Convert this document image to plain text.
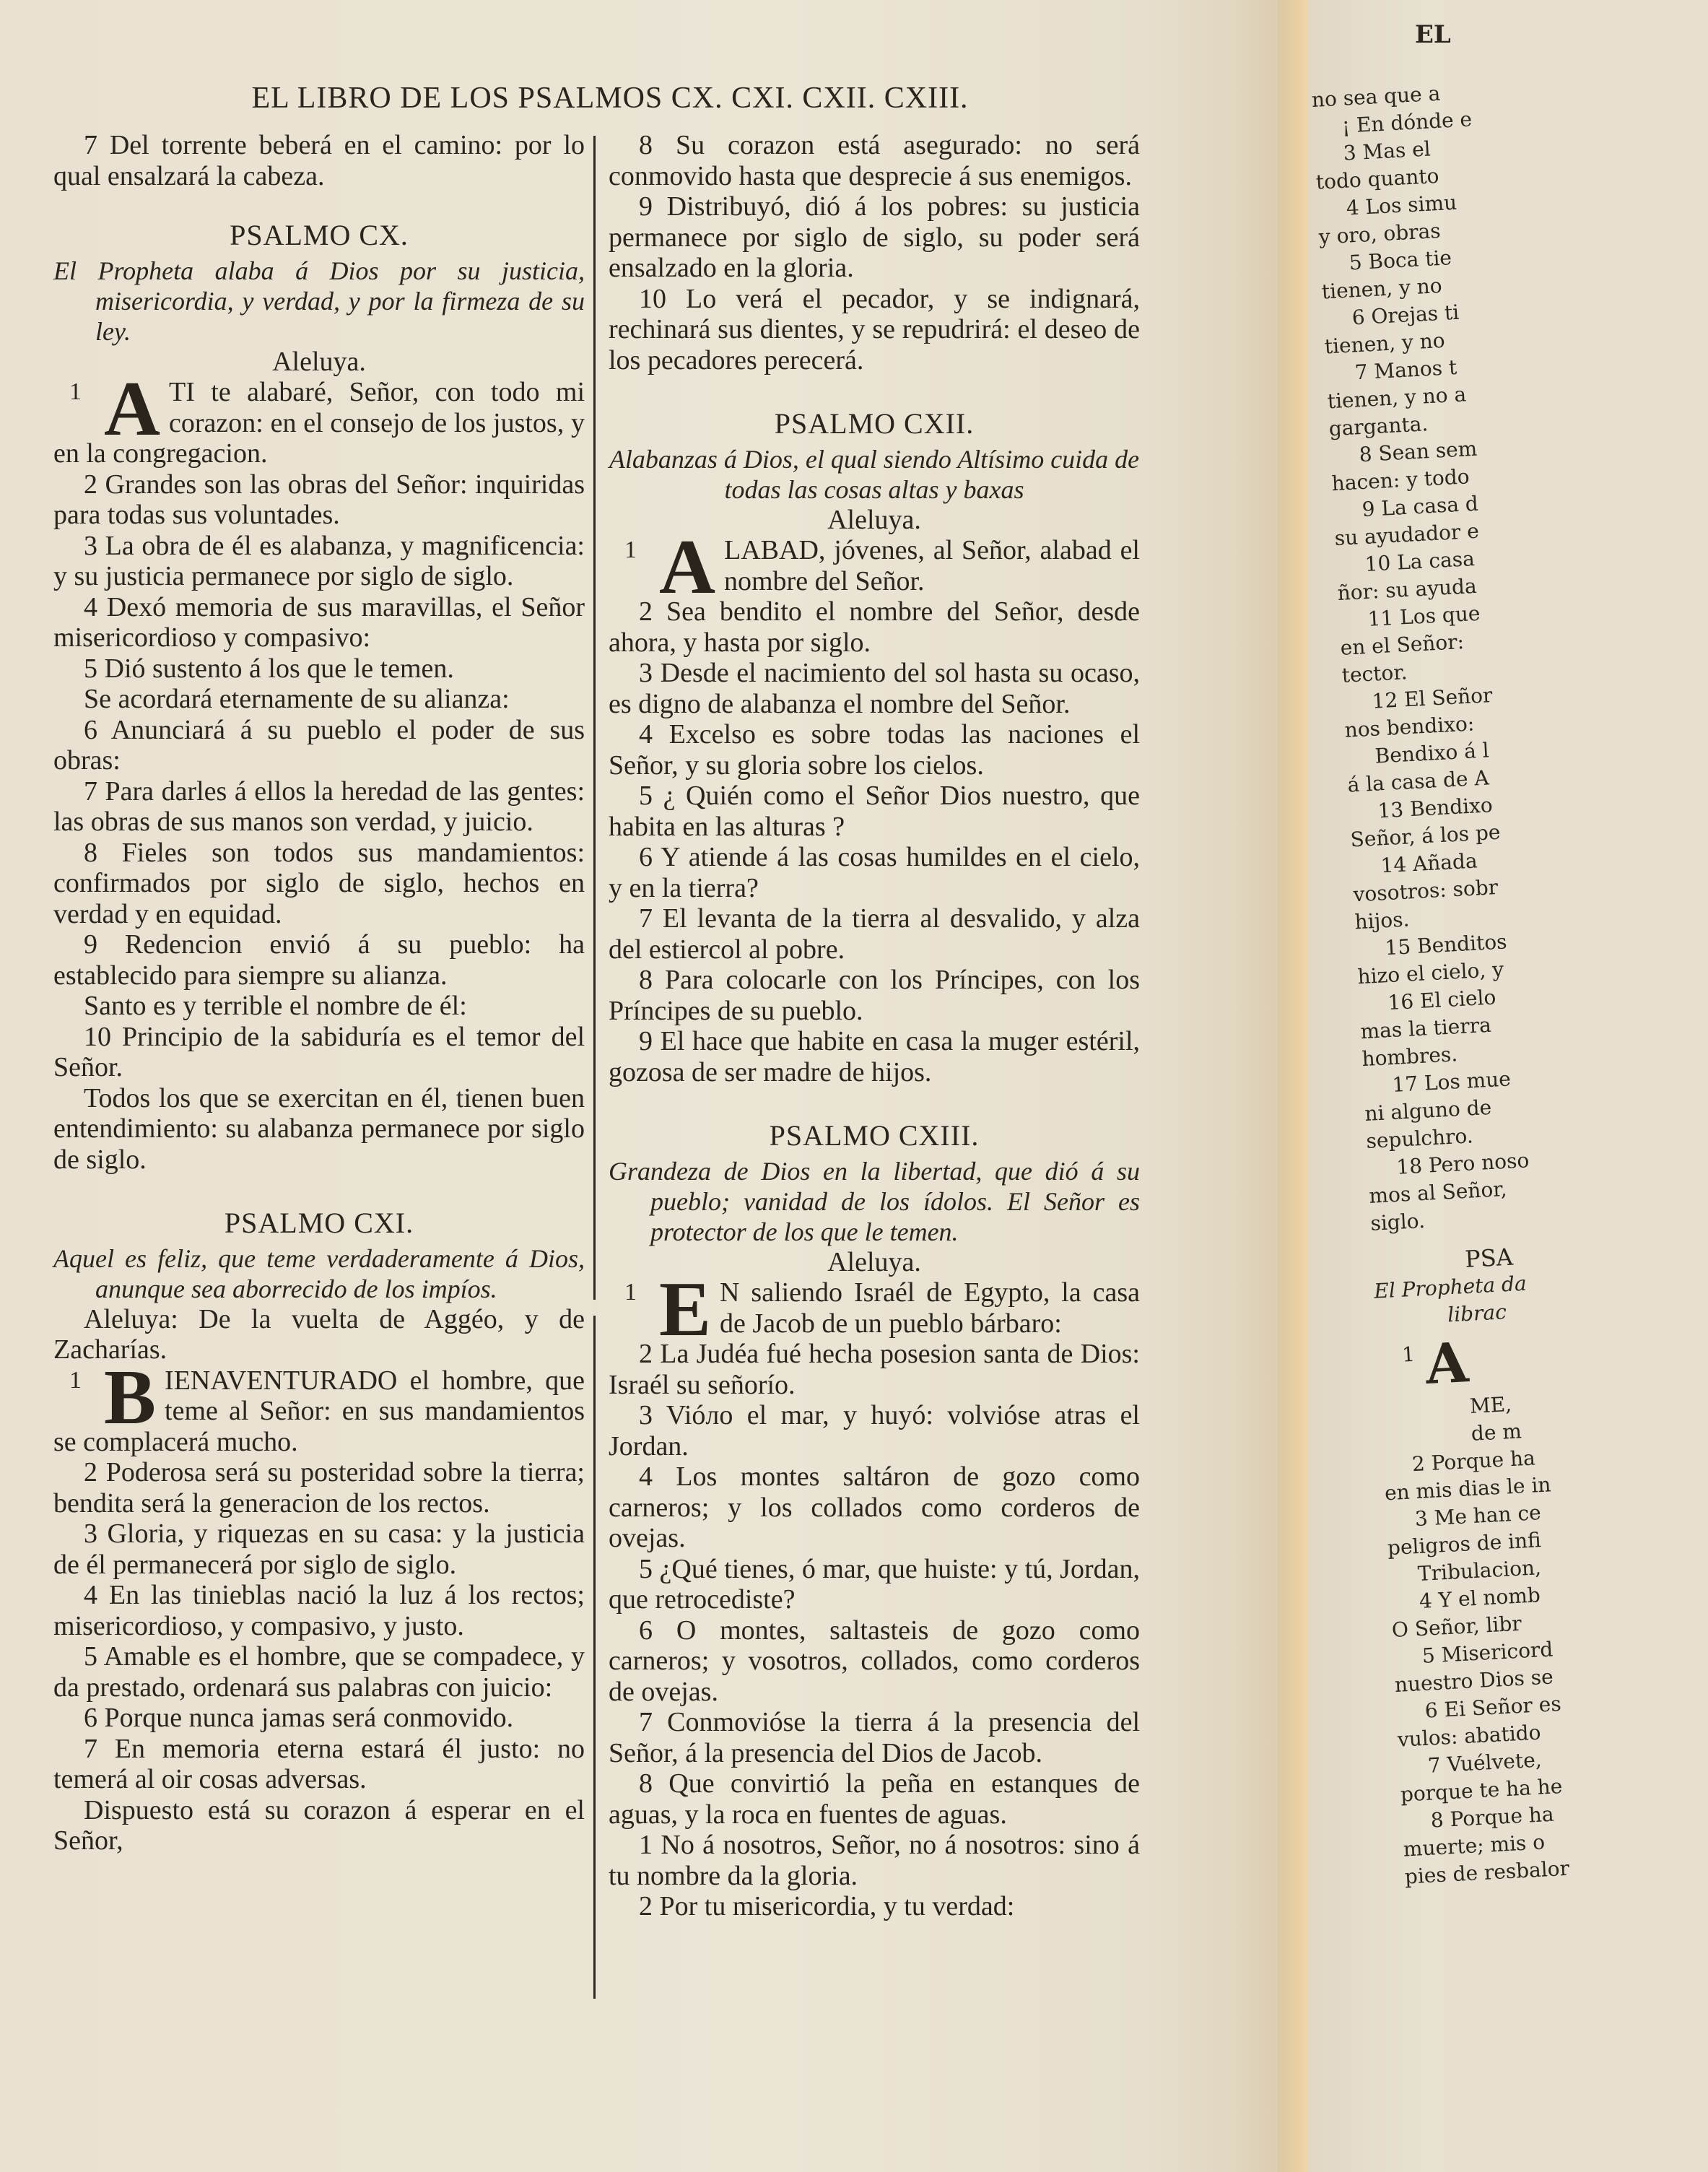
EL LIBRO DE LOS PSALMOS CX. CXI. CXII. CXIII.
7 Del torrente beberá en el camino: por lo qual ensalzará la cabeza.
PSALMO CX.
El Propheta alaba á Dios por su justicia, misericordia, y verdad, y por la firmeza de su ley.
Aleluya.
1 A TI te alabaré, Señor, con todo mi corazon: en el consejo de los justos, y en la congregacion.
2 Grandes son las obras del Señor: inquiridas para todas sus voluntades.
3 La obra de él es alabanza, y magnificencia: y su justicia permanece por siglo de siglo.
4 Dexó memoria de sus maravillas, el Señor misericordioso y compasivo:
5 Dió sustento á los que le temen.
Se acordará eternamente de su alianza:
6 Anunciará á su pueblo el poder de sus obras:
7 Para darles á ellos la heredad de las gentes: las obras de sus manos son verdad, y juicio.
8 Fieles son todos sus mandamientos: confirmados por siglo de siglo, hechos en verdad y en equidad.
9 Redencion envió á su pueblo: ha establecido para siempre su alianza.
Santo es y terrible el nombre de él:
10 Principio de la sabiduría es el temor del Señor.
Todos los que se exercitan en él, tienen buen entendimiento: su alabanza permanece por siglo de siglo.
PSALMO CXI.
Aquel es feliz, que teme verdaderamente á Dios, anunque sea aborrecido de los impíos.
Aleluya: De la vuelta de Aggéo, y de Zacharías.
1 B IENAVENTURADO el hombre, que teme al Señor: en sus mandamientos se complacerá mucho.
2 Poderosa será su posteridad sobre la tierra; bendita será la generacion de los rectos.
3 Gloria, y riquezas en su casa: y la justicia de él permanecerá por siglo de siglo.
4 En las tinieblas nació la luz á los rectos; misericordioso, y compasivo, y justo.
5 Amable es el hombre, que se compadece, y da prestado, ordenará sus palabras con juicio:
6 Porque nunca jamas será conmovido.
7 En memoria eterna estará él justo: no temerá al oir cosas adversas.
Dispuesto está su corazon á esperar en el Señor,
8 Su corazon está asegurado: no será conmovido hasta que desprecie á sus enemigos.
9 Distribuyó, dió á los pobres: su justicia permanece por siglo de siglo, su poder será ensalzado en la gloria.
10 Lo verá el pecador, y se indignará, rechinará sus dientes, y se repudrirá: el deseo de los pecadores perecerá.
PSALMO CXII.
Alabanzas á Dios, el qual siendo Altísimo cuida de todas las cosas altas y baxas
Aleluya.
1 A LABAD, jóvenes, al Señor, alabad el nombre del Señor.
2 Sea bendito el nombre del Señor, desde ahora, y hasta por siglo.
3 Desde el nacimiento del sol hasta su ocaso, es digno de alabanza el nombre del Señor.
4 Excelso es sobre todas las naciones el Señor, y su gloria sobre los cielos.
5 ¿ Quién como el Señor Dios nuestro, que habita en las alturas ?
6 Y atiende á las cosas humildes en el cielo, y en la tierra?
7 El levanta de la tierra al desvalido, y alza del estiercol al pobre.
8 Para colocarle con los Príncipes, con los Príncipes de su pueblo.
9 El hace que habite en casa la muger estéril, gozosa de ser madre de hijos.
PSALMO CXIII.
Grandeza de Dios en la libertad, que dió á su pueblo; vanidad de los ídolos. El Señor es protector de los que le temen.
Aleluya.
1 E N saliendo Israél de Egypto, la casa de Jacob de un pueblo bárbaro:
2 La Judéa fué hecha posesion santa de Dios: Israél su señorío.
3 Vióло el mar, y huyó: volvióse atras el Jordan.
4 Los montes saltáron de gozo como carneros; y los collados como corderos de ovejas.
5 ¿Qué tienes, ó mar, que huiste: y tú, Jordan, que retrocediste?
6 O montes, saltasteis de gozo como carneros; y vosotros, collados, como corderos de ovejas.
7 Conmovióse la tierra á la presencia del Señor, á la presencia del Dios de Jacob.
8 Que convirtió la peña en estanques de aguas, y la roca en fuentes de aguas.
1 No á nosotros, Señor, no á nosotros: sino á tu nombre da la gloria.
2 Por tu misericordia, y tu verdad:
EL
no sea que a
¡ En dónde e
3 Mas el
todo quanto
4 Los simu
y oro, obras
5 Boca tie
tienen, y no
6 Orejas ti
tienen, y no
7 Manos t
tienen, y no a
garganta.
8 Sean sem
hacen: y todo
9 La casa d
su ayudador e
10 La casa
ñor: su ayuda
11 Los que
en el Señor:
tector.
12 El Señor
nos bendixo:
Bendixo á l
á la casa de A
13 Bendixo
Señor, á los pe
14 Añada
vosotros: sobr
hijos.
15 Benditos
hizo el cielo, y
16 El cielo
mas la tierra
hombres.
17 Los mue
ni alguno de
sepulchro.
18 Pero noso
mos al Señor,
siglo.
PSA
El Propheta da
librac
1 A
ME,
de m
2 Porque ha
en mis dias le in
3 Me han ce
peligros de infi
Tribulacion,
4 Y el nomb
O Señor, libr
5 Misericord
nuestro Dios se
6 Ei Señor es
vulos: abatido
7 Vuélvete,
porque te ha he
8 Porque ha
muerte; mis o
pies de resbalor
